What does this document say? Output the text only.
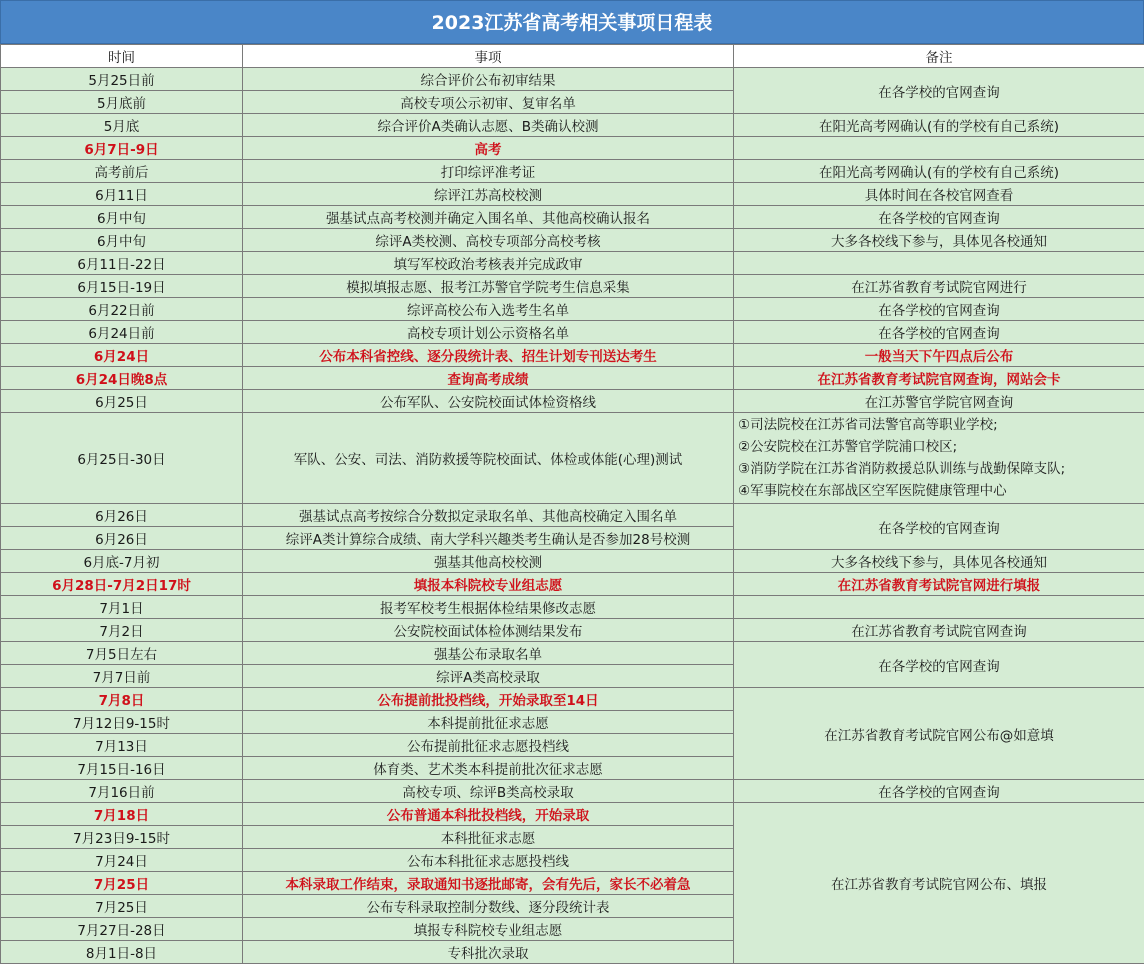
2023江苏省高考相关事项日程表
时间	事项	备注
5月25日前	综合评价公布初审结果	在各学校的官网查询
5月底前	高校专项公示初审、复审名单	
5月底	综合评价A类确认志愿、B类确认校测	在阳光高考网确认(有的学校有自己系统)
6月7日-9日	高考	
高考前后	打印综评准考证	在阳光高考网确认(有的学校有自己系统)
6月11日	综评江苏高校校测	具体时间在各校官网查看
6月中旬	强基试点高考校测并确定入围名单、其他高校确认报名	在各学校的官网查询
6月中旬	综评A类校测、高校专项部分高校考核	大多各校线下参与，具体见各校通知
6月11日-22日	填写军校政治考核表并完成政审	
6月15日-19日	模拟填报志愿、报考江苏警官学院考生信息采集	在江苏省教育考试院官网进行
6月22日前	综评高校公布入选考生名单	在各学校的官网查询
6月24日前	高校专项计划公示资格名单	在各学校的官网查询
6月24日	公布本科省控线、逐分段统计表、招生计划专刊送达考生	一般当天下午四点后公布
6月24日晚8点	查询高考成绩	在江苏省教育考试院官网查询，网站会卡
6月25日	公布军队、公安院校面试体检资格线	在江苏警官学院官网查询
6月25日-30日	军队、公安、司法、消防救援等院校面试、体检或体能(心理)测试	①司法院校在江苏省司法警官高等职业学校;
②公安院校在江苏警官学院浦口校区;
③消防学院在江苏省消防救援总队训练与战勤保障支队;
④军事院校在东部战区空军医院健康管理中心

6月26日	强基试点高考按综合分数拟定录取名单、其他高校确定入围名单	在各学校的官网查询
6月26日	综评A类计算综合成绩、南大学科兴趣类考生确认是否参加28号校测	
6月底-7月初	强基其他高校校测	大多各校线下参与，具体见各校通知
6月28日-7月2日17时	填报本科院校专业组志愿	在江苏省教育考试院官网进行填报
7月1日	报考军校考生根据体检结果修改志愿	
7月2日	公安院校面试体检体测结果发布	在江苏省教育考试院官网查询
7月5日左右	强基公布录取名单	在各学校的官网查询
7月7日前	综评A类高校录取	
7月8日	公布提前批投档线，开始录取至14日	在江苏省教育考试院官网公布@如意填
7月12日9-15时	本科提前批征求志愿	
7月13日	公布提前批征求志愿投档线	
7月15日-16日	体育类、艺术类本科提前批次征求志愿	
7月16日前	高校专项、综评B类高校录取	在各学校的官网查询
7月18日	公布普通本科批投档线，开始录取	在江苏省教育考试院官网公布、填报
7月23日9-15时	本科批征求志愿	
7月24日	公布本科批征求志愿投档线	
7月25日	本科录取工作结束，录取通知书逐批邮寄，会有先后，家长不必着急	
7月25日	公布专科录取控制分数线、逐分段统计表	
7月27日-28日	填报专科院校专业组志愿	
8月1日-8日	专科批次录取	
